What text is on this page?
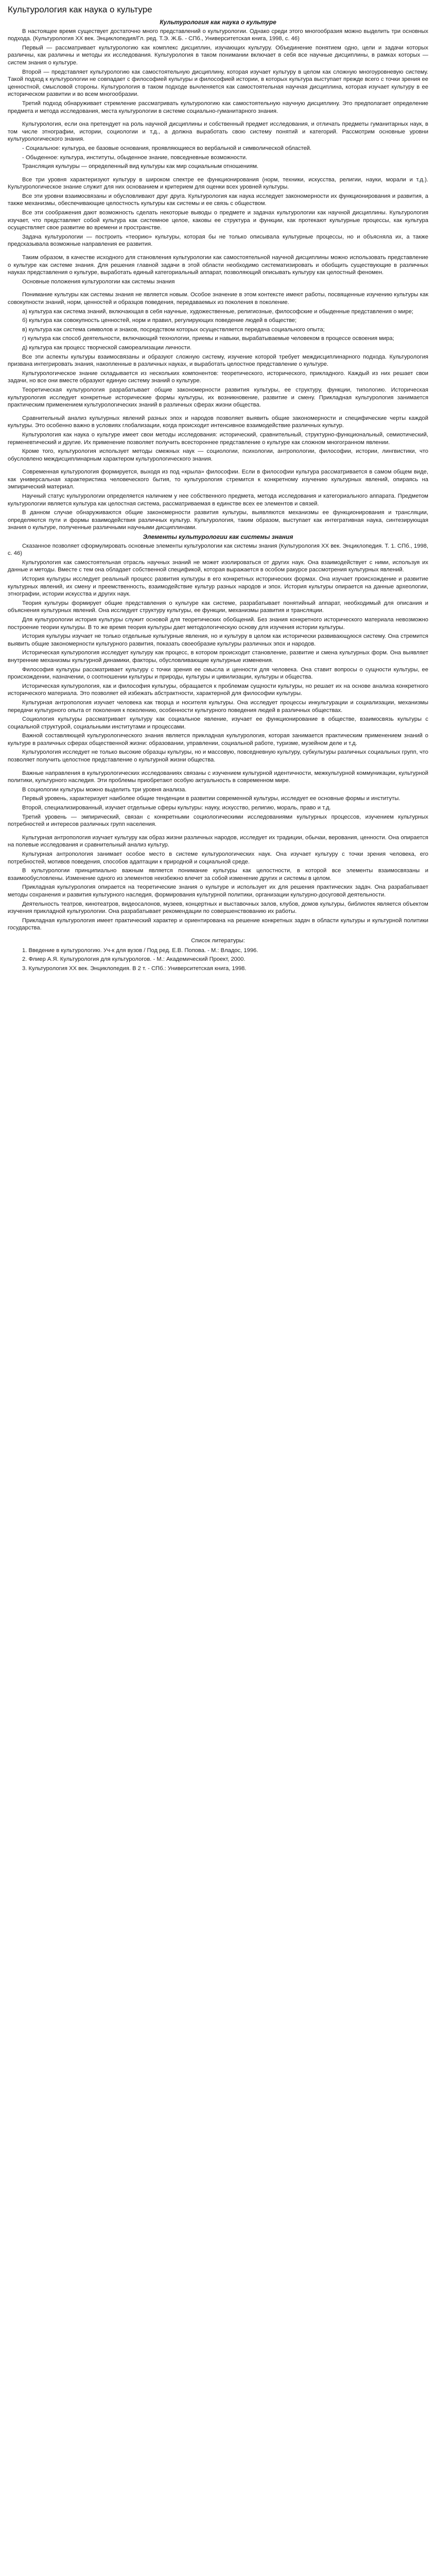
Культурология как наука о культуре
Культурология как наука о культуре

В настоящее время существует достаточно много представлений о культурологии. Однако среди этого многообразия можно выделить три основных подхода. (Культурология XX век. Энциклопедия/Гл. ред. Т.Э. Ж.Б. - СПб., Университетская книга, 1998, с. 46)

Первый — рассматривает культурологию как комплекс дисциплин, изучающих культуру. Объединение понятием одно, цели и задачи которых различны, как различны и методы их исследования. Культурология в таком понимании включает в себя все научные дисциплины, в рамках которых — систем знания о культуре.

Второй — представляет культурологию как самостоятельную дисциплину, которая изучает культуру в целом как сложную многоуровневую систему. Такой подход к культурологии не совпадает с философией культуры и философией истории, в которых культура выступает прежде всего с точки зрения ее ценностной, смысловой стороны. Культурология в таком подходе вычленяется как самостоятельная научная дисциплина, которая изучает культуру в ее историческом развитии и во всем многообразии.

Третий подход обнаруживает стремление рассматривать культурологию как самостоятельную научную дисциплину. Это предполагает определение предмета и метода исследования, места культурологии в системе социально-гуманитарного знания.

Культурология, если она претендует на роль научной дисциплины и собственный предмет исследования, и отличать предметы гуманитарных наук, в том числе этнографии, истории, социологии и т.д., а должна выработать свою систему понятий и категорий. Рассмотрим основные уровни культурологического знания.

- Социальное: культура, ее базовые основания, проявляющиеся во вербальной и символической областей.

- Обыденное: культура, институты, обыденное знание, повседневные возможности.

Трансляция культуры — определенный вид культуры как мир социальным отношениям.

Все три уровня характеризуют культуру в широком спектре ее функционирования (норм, техники, искусства, религии, науки, морали и т.д.). Культурологическое знание служит для них основанием и критерием для оценки всех уровней культуры.

Все эти уровни взаимосвязаны и обусловливают друг друга. Культурология как наука исследует закономерности их функционирования и развития, а также механизмы, обеспечивающие целостность культуры как системы и ее связь с обществом.

Все эти соображения дают возможность сделать некоторые выводы о предмете и задачах культурологии как научной дисциплины. Культурология изучает, что представляет собой культура как системное целое, каковы ее структура и функции, как протекают культурные процессы, как культура осуществляет свое развитие во времени и пространстве.

Задача культурологии — построить «теорию» культуры, которая бы не только описывала культурные процессы, но и объясняла их, а также предсказывала возможные направления ее развития.

Таким образом, в качестве исходного для становления культурологии как самостоятельной научной дисциплины можно использовать представление о культуре как системе знания. Для решения главной задачи в этой области необходимо систематизировать и обобщить существующие в различных науках представления о культуре, выработать единый категориальный аппарат, позволяющий описывать культуру как целостный феномен.

Основные положения культурологии как системы знания

Понимание культуры как системы знания не является новым. Особое значение в этом контексте имеют работы, посвященные изучению культуры как совокупности знаний, норм, ценностей и образцов поведения, передаваемых из поколения в поколение.

а) культура как система знаний, включающая в себя научные, художественные, религиозные, философские и обыденные представления о мире;

б) культура как совокупность ценностей, норм и правил, регулирующих поведение людей в обществе;

в) культура как система символов и знаков, посредством которых осуществляется передача социального опыта;

г) культура как способ деятельности, включающий технологии, приемы и навыки, вырабатываемые человеком в процессе освоения мира;

д) культура как процесс творческой самореализации личности.

Все эти аспекты культуры взаимосвязаны и образуют сложную систему, изучение которой требует междисциплинарного подхода. Культурология призвана интегрировать знания, накопленные в различных науках, и выработать целостное представление о культуре.

Культурологическое знание складывается из нескольких компонентов: теоретического, исторического, прикладного. Каждый из них решает свои задачи, но все они вместе образуют единую систему знаний о культуре.

Теоретическая культурология разрабатывает общие закономерности развития культуры, ее структуру, функции, типологию. Историческая культурология исследует конкретные исторические формы культуры, их возникновение, развитие и смену. Прикладная культурология занимается практическим применением культурологических знаний в различных сферах жизни общества.

Сравнительный анализ культурных явлений разных эпох и народов позволяет выявить общие закономерности и специфические черты каждой культуры. Это особенно важно в условиях глобализации, когда происходит интенсивное взаимодействие различных культур.

Культурология как наука о культуре имеет свои методы исследования: исторический, сравнительный, структурно-функциональный, семиотический, герменевтический и другие. Их применение позволяет получить всестороннее представление о культуре как сложном многогранном явлении.

Кроме того, культурология использует методы смежных наук — социологии, психологии, антропологии, философии, истории, лингвистики, что обусловлено междисциплинарным характером культурологического знания.

Современная культурология формируется, выходя из под «крыла» философии. Если в философии культура рассматривается в самом общем виде, как универсальная характеристика человеческого бытия, то культурология стремится к конкретному изучению культурных явлений, опираясь на эмпирический материал.

Научный статус культурологии определяется наличием у нее собственного предмета, метода исследования и категориального аппарата. Предметом культурологии является культура как целостная система, рассматриваемая в единстве всех ее элементов и связей.

В данном случае обнаруживаются общие закономерности развития культуры, выявляются механизмы ее функционирования и трансляции, определяются пути и формы взаимодействия различных культур. Культурология, таким образом, выступает как интегративная наука, синтезирующая знания о культуре, полученные различными научными дисциплинами.

Элементы культурологии как системы знания

Сказанное позволяет сформулировать основные элементы культурологии как системы знания (Культурология XX век. Энциклопедия. Т. 1. СПб., 1998, с. 46)

Культурология как самостоятельная отрасль научных знаний не может изолироваться от других наук. Она взаимодействует с ними, используя их данные и методы. Вместе с тем она обладает собственной спецификой, которая выражается в особом ракурсе рассмотрения культурных явлений.

История культуры исследует реальный процесс развития культуры в его конкретных исторических формах. Она изучает происхождение и развитие культурных явлений, их смену и преемственность, взаимодействие культур разных народов и эпох. История культуры опирается на данные археологии, этнографии, истории искусства и других наук.

Теория культуры формирует общие представления о культуре как системе, разрабатывает понятийный аппарат, необходимый для описания и объяснения культурных явлений. Она исследует структуру культуры, ее функции, механизмы развития и трансляции.

Для культурологии история культуры служит основой для теоретических обобщений. Без знания конкретного исторического материала невозможно построение теории культуры. В то же время теория культуры дает методологическую основу для изучения истории культуры.

История культуры изучает не только отдельные культурные явления, но и культуру в целом как исторически развивающуюся систему. Она стремится выявить общие закономерности культурного развития, показать своеобразие культуры различных эпох и народов.

Историческая культурология исследует культуру как процесс, в котором происходит становление, развитие и смена культурных форм. Она выявляет внутренние механизмы культурной динамики, факторы, обусловливающие культурные изменения.

Философия культуры рассматривает культуру с точки зрения ее смысла и ценности для человека. Она ставит вопросы о сущности культуры, ее происхождении, назначении, о соотношении культуры и природы, культуры и цивилизации, культуры и общества.

Историческая культурология, как и философия культуры, обращается к проблемам сущности культуры, но решает их на основе анализа конкретного исторического материала. Это позволяет ей избежать абстрактности, характерной для философии культуры.

Культурная антропология изучает человека как творца и носителя культуры. Она исследует процессы инкультурации и социализации, механизмы передачи культурного опыта от поколения к поколению, особенности культурного поведения людей в различных обществах.

Социология культуры рассматривает культуру как социальное явление, изучает ее функционирование в обществе, взаимосвязь культуры с социальной структурой, социальными институтами и процессами.

Важной составляющей культурологического знания является прикладная культурология, которая занимается практическим применением знаний о культуре в различных сферах общественной жизни: образовании, управлении, социальной работе, туризме, музейном деле и т.д.

Культурология исследует не только высокие образцы культуры, но и массовую, повседневную культуру, субкультуры различных социальных групп, что позволяет получить целостное представление о культурной жизни общества.

Важные направления в культурологических исследованиях связаны с изучением культурной идентичности, межкультурной коммуникации, культурной политики, культурного наследия. Эти проблемы приобретают особую актуальность в современном мире.

В социологии культуры можно выделить три уровня анализа.

Первый уровень, характеризует наиболее общие тенденции в развитии современной культуры, исследует ее основные формы и институты.

Второй, специализированный, изучает отдельные сферы культуры: науку, искусство, религию, мораль, право и т.д.

Третий уровень — эмпирический, связан с конкретными социологическими исследованиями культурных процессов, изучением культурных потребностей и интересов различных групп населения.

Культурная антропология изучает культуру как образ жизни различных народов, исследует их традиции, обычаи, верования, ценности. Она опирается на полевые исследования и сравнительный анализ культур.

Культурная антропология занимает особое место в системе культурологических наук. Она изучает культуру с точки зрения человека, его потребностей, мотивов поведения, способов адаптации к природной и социальной среде.

В культурологии принципиально важным является понимание культуры как целостности, в которой все элементы взаимосвязаны и взаимообусловлены. Изменение одного из элементов неизбежно влечет за собой изменение других и системы в целом.

Прикладная культурология опирается на теоретические знания о культуре и использует их для решения практических задач. Она разрабатывает методы сохранения и развития культурного наследия, формирования культурной политики, организации культурно-досуговой деятельности.

Деятельность театров, кинотеатров, видеосалонов, музеев, концертных и выставочных залов, клубов, домов культуры, библиотек является объектом изучения прикладной культурологии. Она разрабатывает рекомендации по совершенствованию их работы.

Прикладная культурология имеет практический характер и ориентирована на решение конкретных задач в области культуры и культурной политики государства.

Список литературы:
1. Введение в культурологию. Уч-к для вузов / Под ред. Е.В. Попова. - М.: Владос, 1996.
2. Флиер А.Я. Культурология для культурологов. - М.: Академический Проект, 2000.
3. Культурология XX век. Энциклопедия. В 2 т. - СПб.: Университетская книга, 1998.
